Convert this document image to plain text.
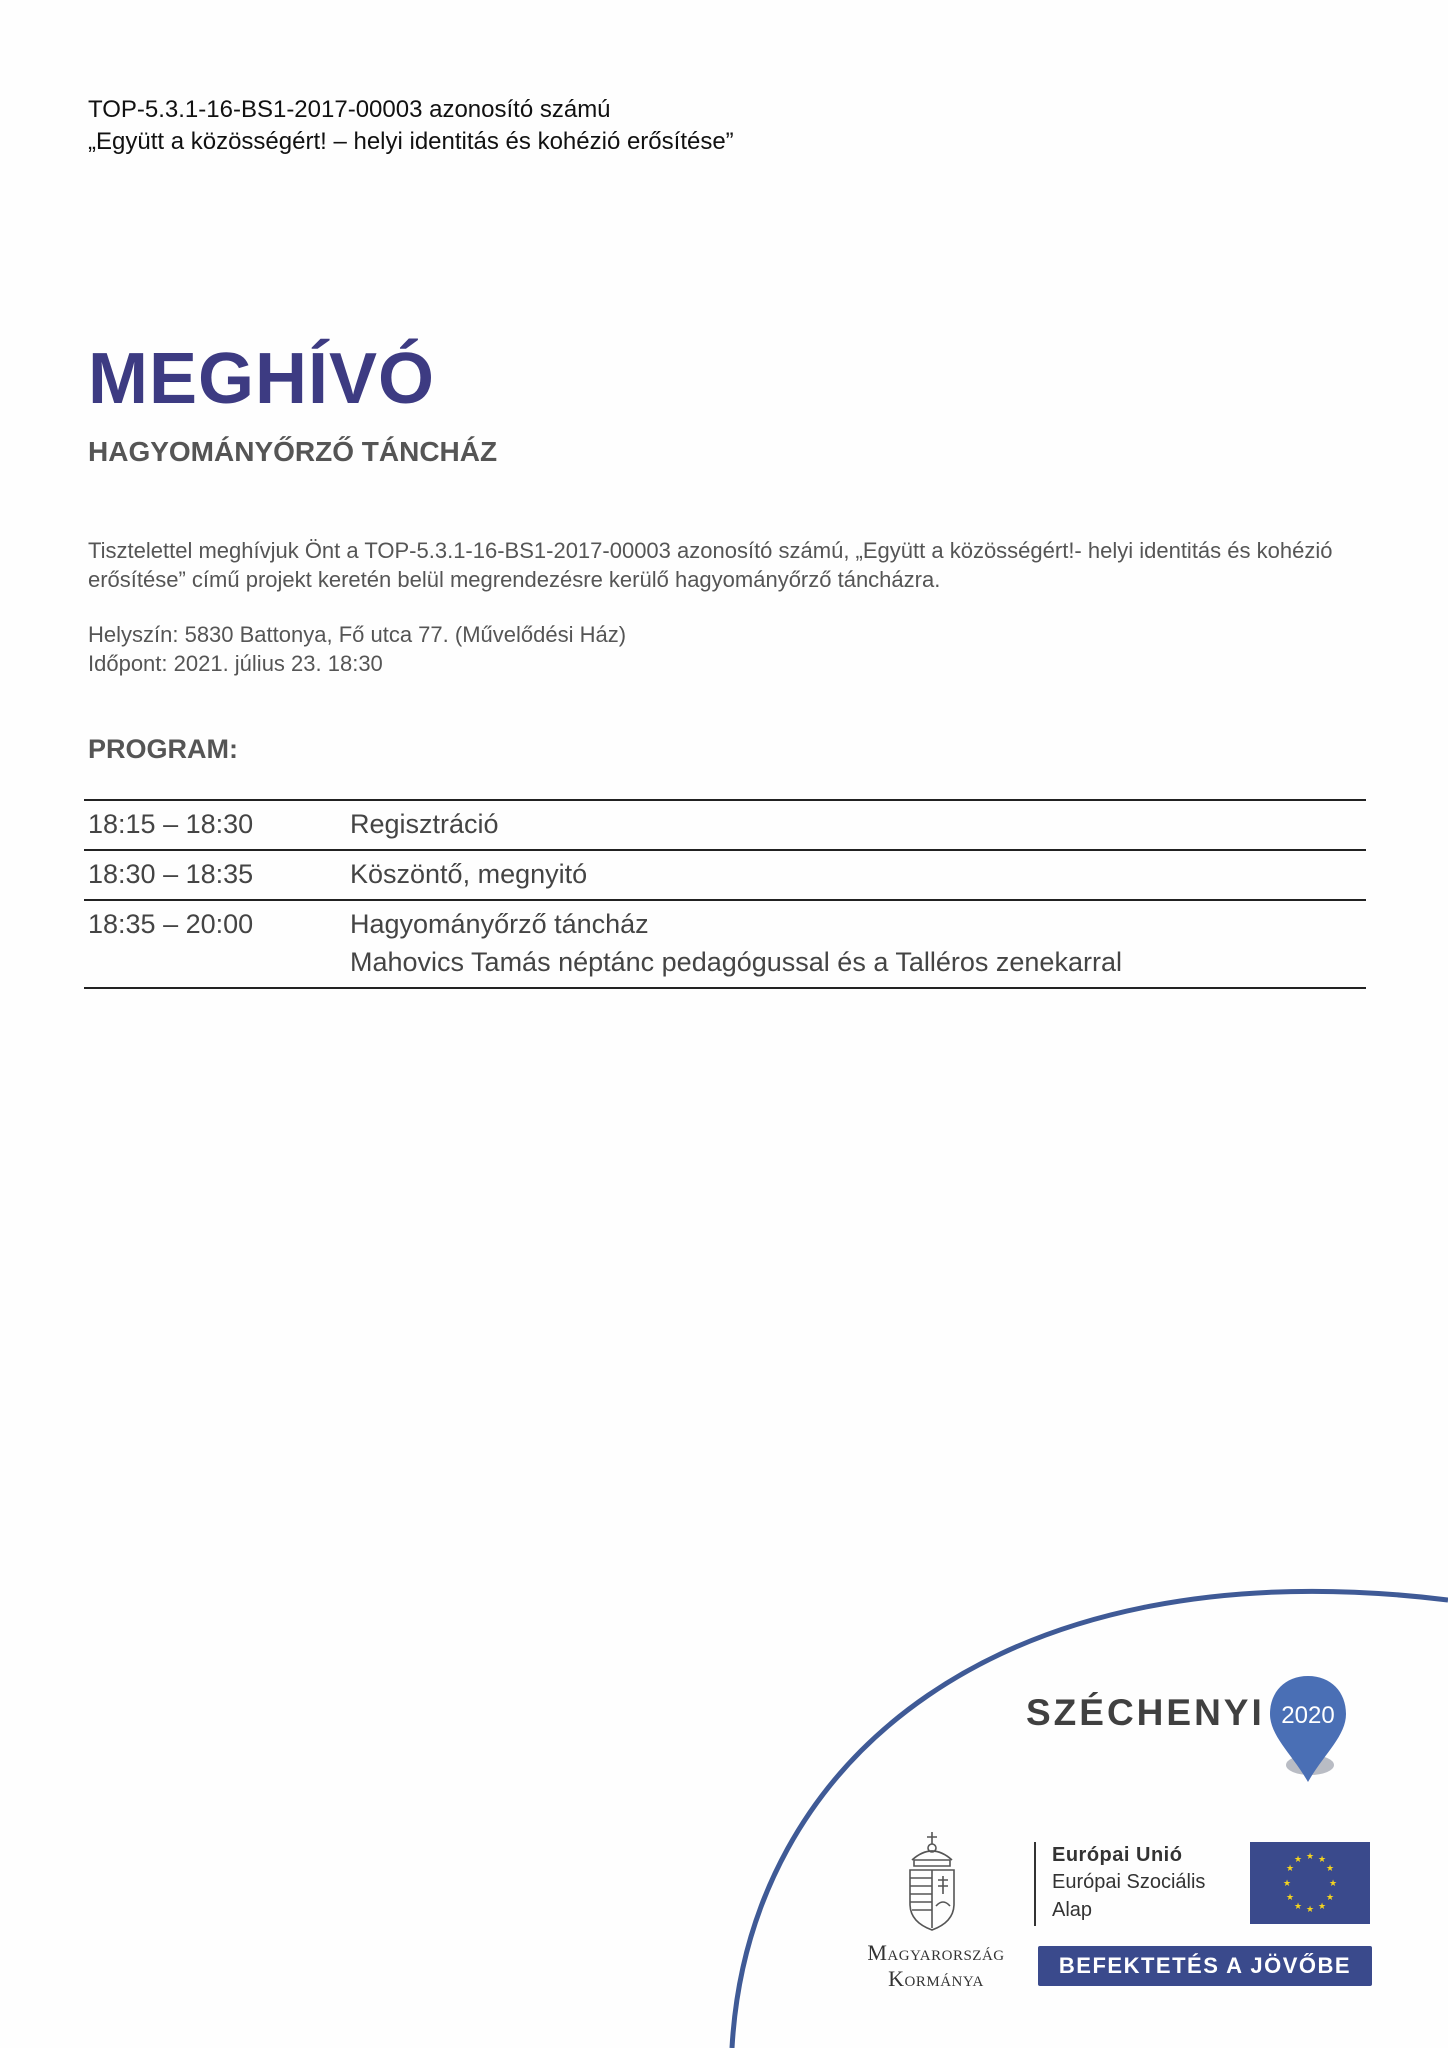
TOP-5.3.1-16-BS1-2017-00003 azonosító számú
„Együtt a közösségért! – helyi identitás és kohézió erősítése”
MEGHÍVÓ
HAGYOMÁNYŐRZŐ TÁNCHÁZ
Tisztelettel meghívjuk Önt a TOP-5.3.1-16-BS1-2017-00003 azonosító számú, „Együtt a közösségért!- helyi identitás és kohézió erősítése” című projekt keretén belül megrendezésre kerülő hagyományőrző táncházra.
Helyszín: 5830 Battonya, Fő utca 77. (Művelődési Ház)
Időpont: 2021. július 23. 18:30
PROGRAM:
18:15 – 18:30	Regisztráció
18:30 – 18:35	Köszöntő, megnyitó
18:35 – 20:00	Hagyományőrző táncház
Mahovics Tamás néptánc pedagógussal és a Talléros zenekarral
SZÉCHENYI 2020
Magyarország
Kormánya
Európai Unió
Európai Szociális
Alap
★ ★
★
★
★
★
★
★
★
★
★
★
BEFEKTETÉS A JÖVŐBE
